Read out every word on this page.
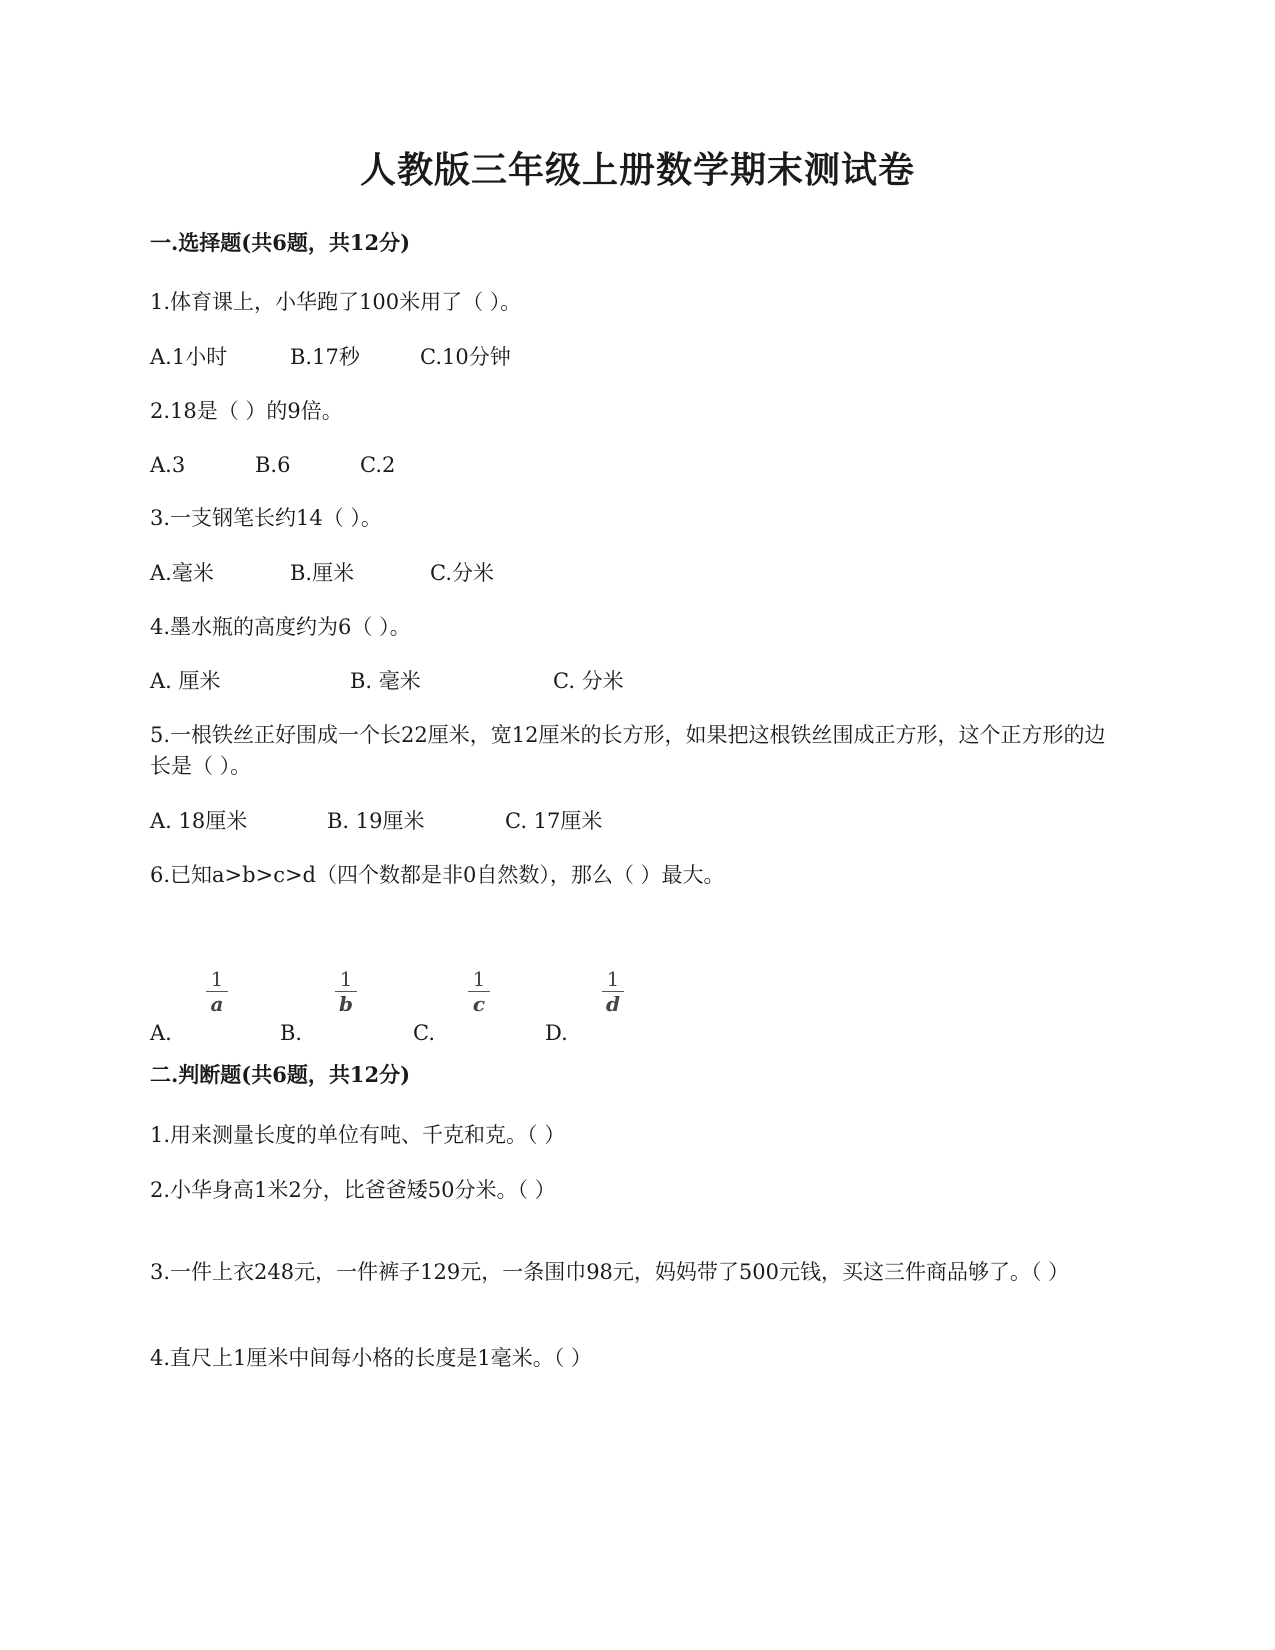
人教版三年级上册数学期末测试卷
一.选择题(共6题，共12分)

1.体育课上，小华跑了100米用了（ ）。

A.1小时	B.17秒	C.10分钟

2.18是（ ）的9倍。

A.3	B.6	C.2

3.一支钢笔长约14（ ）。

A.毫米	B.厘米	C.分米

4.墨水瓶的高度约为6（ ）。

A. 厘米	B. 毫米	C. 分米

5.一根铁丝正好围成一个长22厘米，宽12厘米的长方形，如果把这根铁丝围成正方形，这个正方形的边长是（ ）。

A. 18厘米	B. 19厘米	C. 17厘米

6.已知a>b>c>d（四个数都是非0自然数），那么（ ）最大。

A.
1
a
B.
1
b
C.
1
c
D.
1
d
二.判断题(共6题，共12分)

1.用来测量长度的单位有吨、千克和克。（ ）

2.小华身高1米2分，比爸爸矮50分米。（ ）

3.一件上衣248元，一件裤子129元，一条围巾98元，妈妈带了500元钱，买这三件商品够了。（ ）

4.直尺上1厘米中间每小格的长度是1毫米。（ ）
